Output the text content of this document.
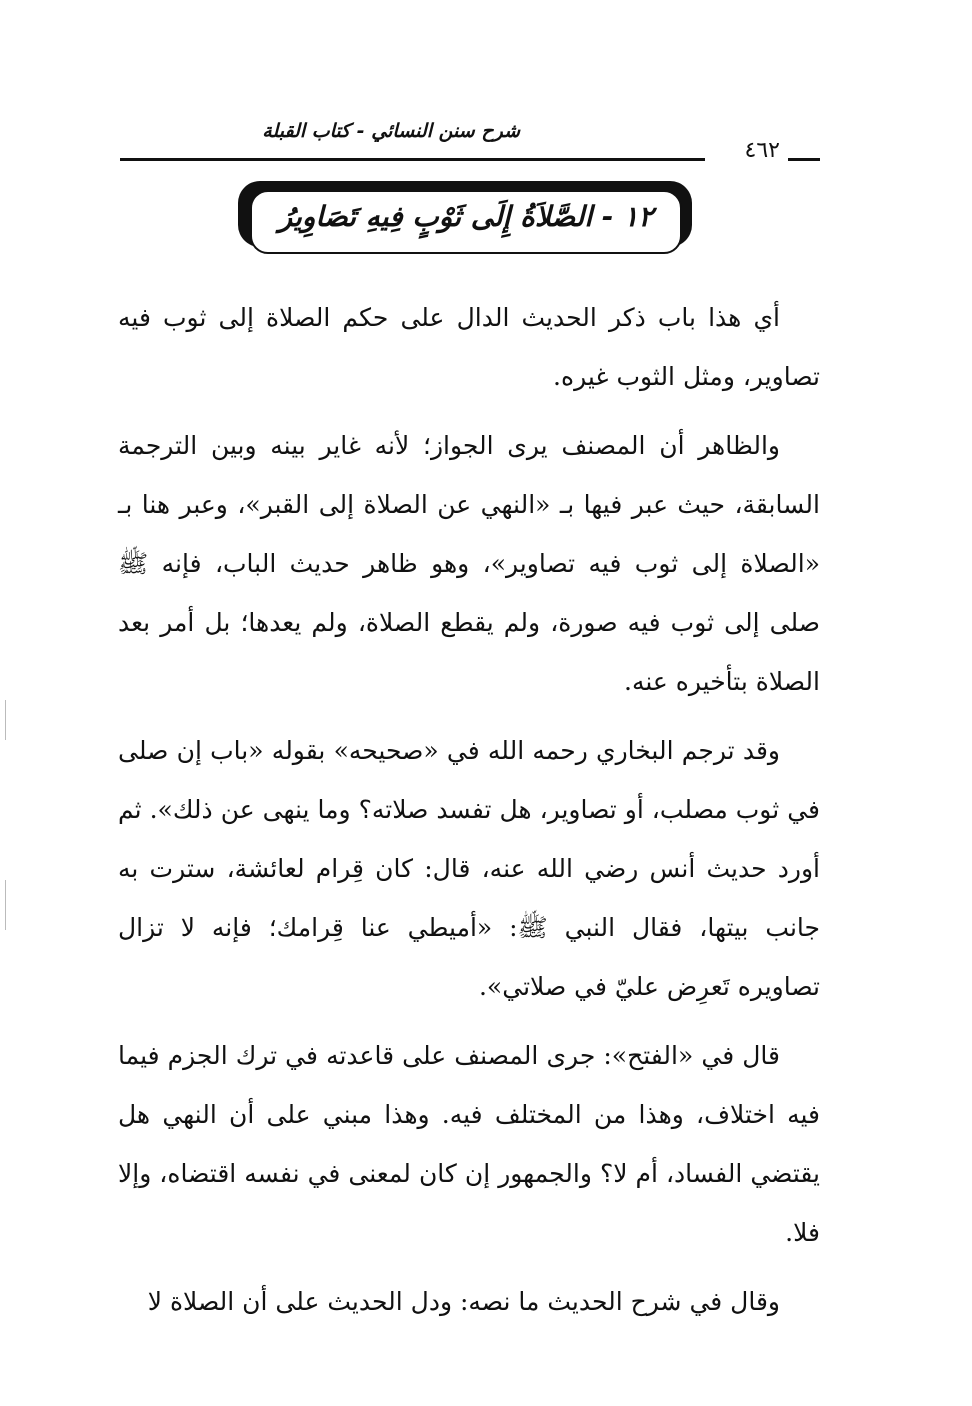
شرح سنن النسائي - كتاب القبلة
٤٦٢
١٢ - الصَّلاَةُ إِلَى ثَوْبٍ فِيهِ تَصَاوِيرُ

أي هذا باب ذكر الحديث الدال على حكم الصلاة إلى ثوب فيه تصاوير، ومثل الثوب غيره.

والظاهر أن المصنف يرى الجواز؛ لأنه غاير بينه وبين الترجمة السابقة، حيث عبر فيها بـ «النهي عن الصلاة إلى القبر»، وعبر هنا بـ «الصلاة إلى ثوب فيه تصاوير»، وهو ظاهر حديث الباب، فإنه ﷺ صلى إلى ثوب فيه صورة، ولم يقطع الصلاة، ولم يعدها؛ بل أمر بعد الصلاة بتأخيره عنه.

وقد ترجم البخاري رحمه الله في «صحيحه» بقوله «باب إن صلى في ثوب مصلب، أو تصاوير، هل تفسد صلاته؟ وما ينهى عن ذلك». ثم أورد حديث أنس رضي الله عنه، قال: كان قِرام لعائشة، سترت به جانب بيتها، فقال النبي ﷺ: «أميطي عنا قِرامك؛ فإنه لا تزال تصاويره تَعرِض عليّ في صلاتي».

قال في «الفتح»: جرى المصنف على قاعدته في ترك الجزم فيما فيه اختلاف، وهذا من المختلف فيه. وهذا مبني على أن النهي هل يقتضي الفساد، أم لا؟ والجمهور إن كان لمعنى في نفسه اقتضاه، وإلا فلا.

وقال في شرح الحديث ما نصه: ودل الحديث على أن الصلاة لا
